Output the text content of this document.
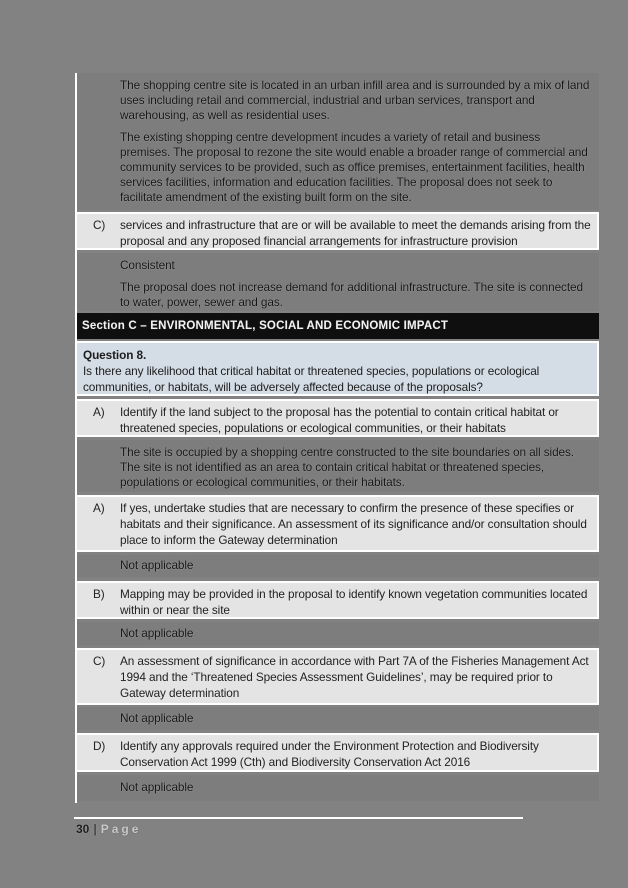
The shopping centre site is located in an urban infill area and is surrounded by a mix of land uses including retail and commercial, industrial and urban services, transport and warehousing, as well as residential uses.

The existing shopping centre development incudes a variety of retail and business premises. The proposal to rezone the site would enable a broader range of commercial and community services to be provided, such as office premises, entertainment facilities, health services facilities, information and education facilities. The proposal does not seek to facilitate amendment of the existing built form on the site.

C)	services and infrastructure that are or will be available to meet the demands arising from the proposal and any proposed financial arrangements for infrastructure provision

Consistent

The proposal does not increase demand for additional infrastructure. The site is connected to water, power, sewer and gas.

Section C – ENVIRONMENTAL, SOCIAL AND ECONOMIC IMPACT

Question 8.

Is there any likelihood that critical habitat or threatened species, populations or ecological communities, or habitats, will be adversely affected because of the proposals?

A)	Identify if the land subject to the proposal has the potential to contain critical habitat or threatened species, populations or ecological communities, or their habitats

The site is occupied by a shopping centre constructed to the site boundaries on all sides. The site is not identified as an area to contain critical habitat or threatened species, populations or ecological communities, or their habitats.

A)	If yes, undertake studies that are necessary to confirm the presence of these specifies or habitats and their significance. An assessment of its significance and/or consultation should place to inform the Gateway determination

Not applicable

B)	Mapping may be provided in the proposal to identify known vegetation communities located within or near the site

Not applicable

C)	An assessment of significance in accordance with Part 7A of the Fisheries Management Act 1994 and the ‘Threatened Species Assessment Guidelines’, may be required prior to Gateway determination

Not applicable

D)	Identify any approvals required under the Environment Protection and Biodiversity Conservation Act 1999 (Cth) and Biodiversity Conservation Act 2016

Not applicable

30 | Page
